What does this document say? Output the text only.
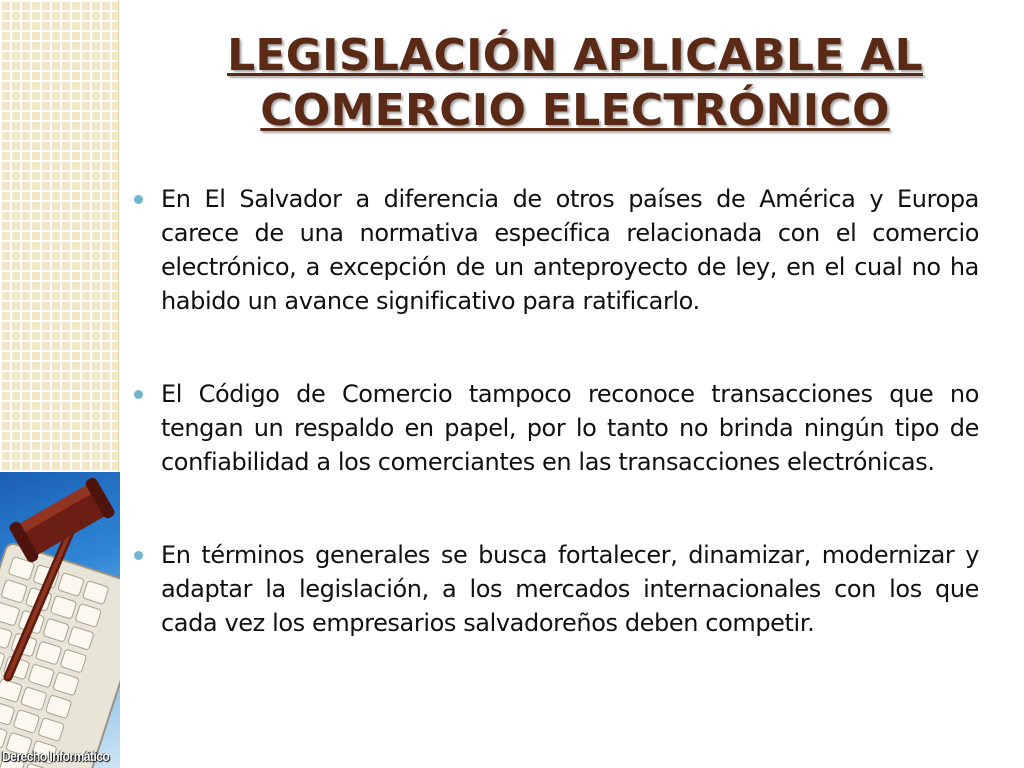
Derecho Informático
LEGISLACIÓN APLICABLE AL
COMERCIO ELECTRÓNICO

En El Salvador a diferencia de otros países de América y Europa carece de una normativa específica relacionada con el comercio electrónico, a excepción de un anteproyecto de ley, en el cual no ha habido un avance significativo para ratificarlo.

El Código de Comercio tampoco reconoce transacciones que no tengan un respaldo en papel, por lo tanto no brinda ningún tipo de confiabilidad a los comerciantes en las transacciones electrónicas.

En términos generales se busca fortalecer, dinamizar, modernizar y adaptar la legislación, a los mercados internacionales con los que cada vez los empresarios salvadoreños deben competir.
